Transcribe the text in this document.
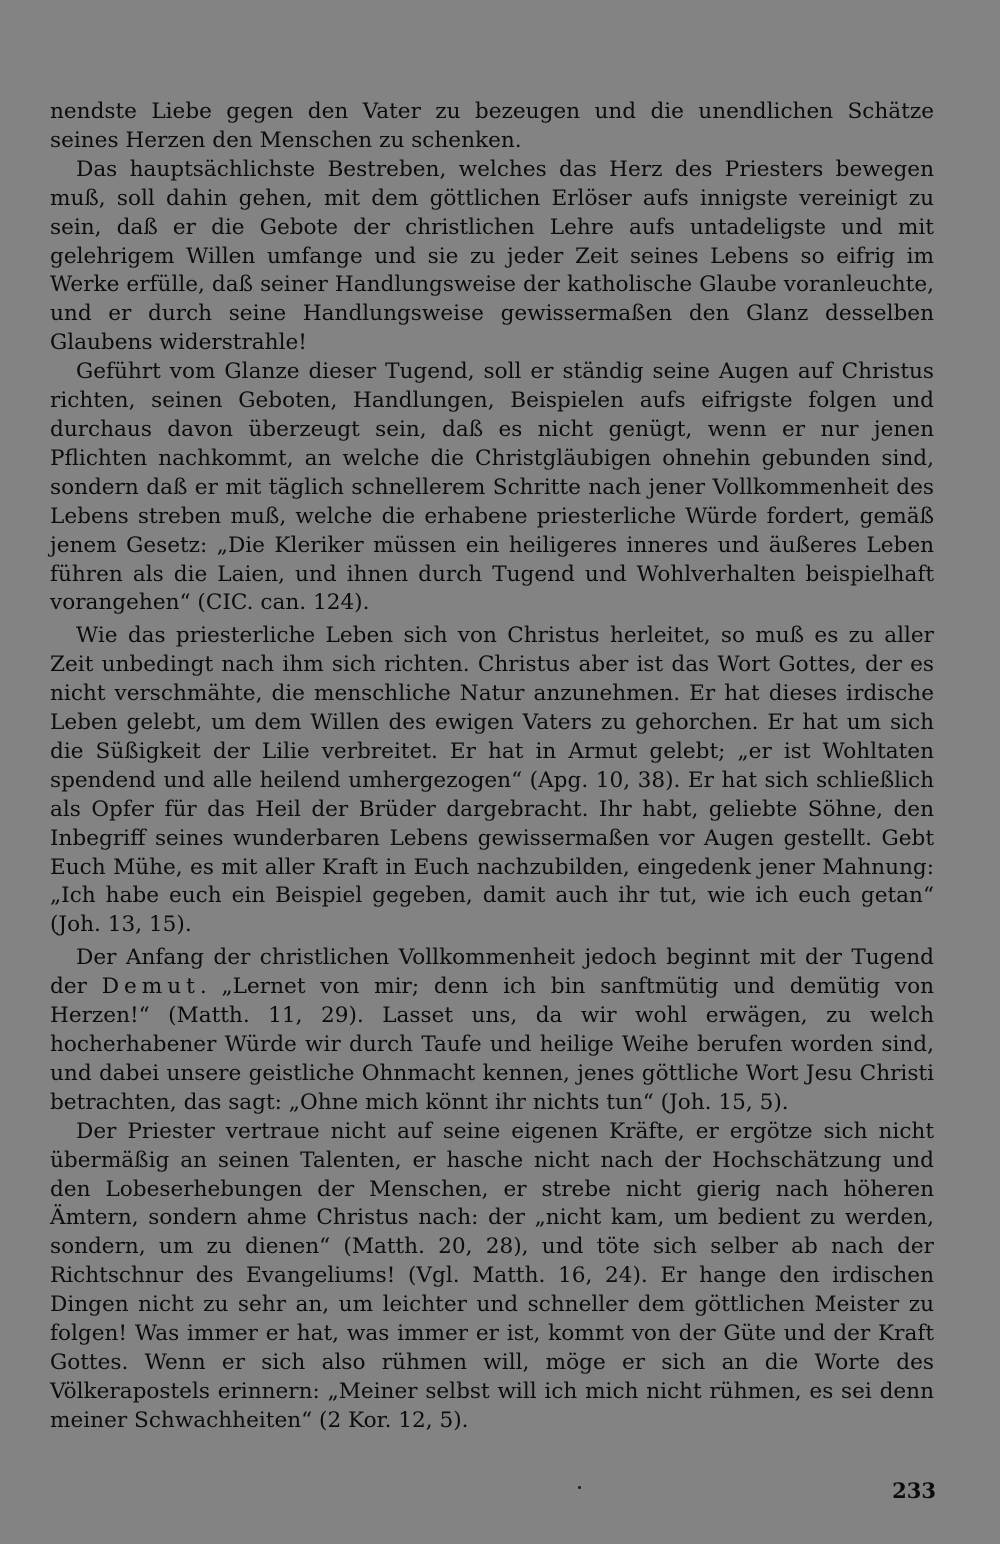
nendste Liebe gegen den Vater zu bezeugen und die unendlichen Schätze seines Herzen den Menschen zu schenken.

Das hauptsächlichste Bestreben, welches das Herz des Priesters bewegen muß, soll dahin gehen, mit dem göttlichen Erlöser aufs innigste vereinigt zu sein, daß er die Gebote der christlichen Lehre aufs untadeligste und mit gelehrigem Willen umfange und sie zu jeder Zeit seines Lebens so eifrig im Werke erfülle, daß seiner Handlungsweise der katholische Glaube voranleuchte, und er durch seine Handlungsweise gewissermaßen den Glanz desselben Glaubens widerstrahle!

Geführt vom Glanze dieser Tugend, soll er ständig seine Augen auf Christus richten, seinen Geboten, Handlungen, Beispielen aufs eifrigste folgen und durchaus davon überzeugt sein, daß es nicht genügt, wenn er nur jenen Pflichten nachkommt, an welche die Christgläubigen ohnehin gebunden sind, sondern daß er mit täglich schnellerem Schritte nach jener Vollkommenheit des Lebens streben muß, welche die erhabene priesterliche Würde fordert, gemäß jenem Gesetz: „Die Kleriker müssen ein heiligeres inneres und äußeres Leben führen als die Laien, und ihnen durch Tugend und Wohlverhalten beispielhaft vorangehen“ (CIC. can. 124).

Wie das priesterliche Leben sich von Christus herleitet, so muß es zu aller Zeit unbedingt nach ihm sich richten. Christus aber ist das Wort Gottes, der es nicht verschmähte, die menschliche Natur anzunehmen. Er hat dieses irdische Leben gelebt, um dem Willen des ewigen Vaters zu gehorchen. Er hat um sich die Süßigkeit der Lilie verbreitet. Er hat in Armut gelebt; „er ist Wohltaten spendend und alle heilend umhergezogen“ (Apg. 10, 38). Er hat sich schließlich als Opfer für das Heil der Brüder dargebracht. Ihr habt, geliebte Söhne, den Inbegriff seines wunderbaren Lebens gewissermaßen vor Augen gestellt. Gebt Euch Mühe, es mit aller Kraft in Euch nachzubilden, eingedenk jener Mahnung: „Ich habe euch ein Beispiel gegeben, damit auch ihr tut, wie ich euch getan“ (Joh. 13, 15).

Der Anfang der christlichen Vollkommenheit jedoch beginnt mit der Tugend der Demut. „Lernet von mir; denn ich bin sanftmütig und demütig von Herzen!“ (Matth. 11, 29). Lasset uns, da wir wohl erwägen, zu welch hocherhabener Würde wir durch Taufe und heilige Weihe berufen worden sind, und dabei unsere geistliche Ohnmacht kennen, jenes göttliche Wort Jesu Christi betrachten, das sagt: „Ohne mich könnt ihr nichts tun“ (Joh. 15, 5).

Der Priester vertraue nicht auf seine eigenen Kräfte, er ergötze sich nicht übermäßig an seinen Talenten, er hasche nicht nach der Hochschätzung und den Lobeserhebungen der Menschen, er strebe nicht gierig nach höheren Ämtern, sondern ahme Christus nach: der „nicht kam, um bedient zu werden, sondern, um zu dienen“ (Matth. 20, 28), und töte sich selber ab nach der Richtschnur des Evangeliums! (Vgl. Matth. 16, 24). Er hange den irdischen Dingen nicht zu sehr an, um leichter und schneller dem göttlichen Meister zu folgen! Was immer er hat, was immer er ist, kommt von der Güte und der Kraft Gottes. Wenn er sich also rühmen will, möge er sich an die Worte des Völkerapostels erinnern: „Meiner selbst will ich mich nicht rühmen, es sei denn meiner Schwachheiten“ (2 Kor. 12, 5).

233
